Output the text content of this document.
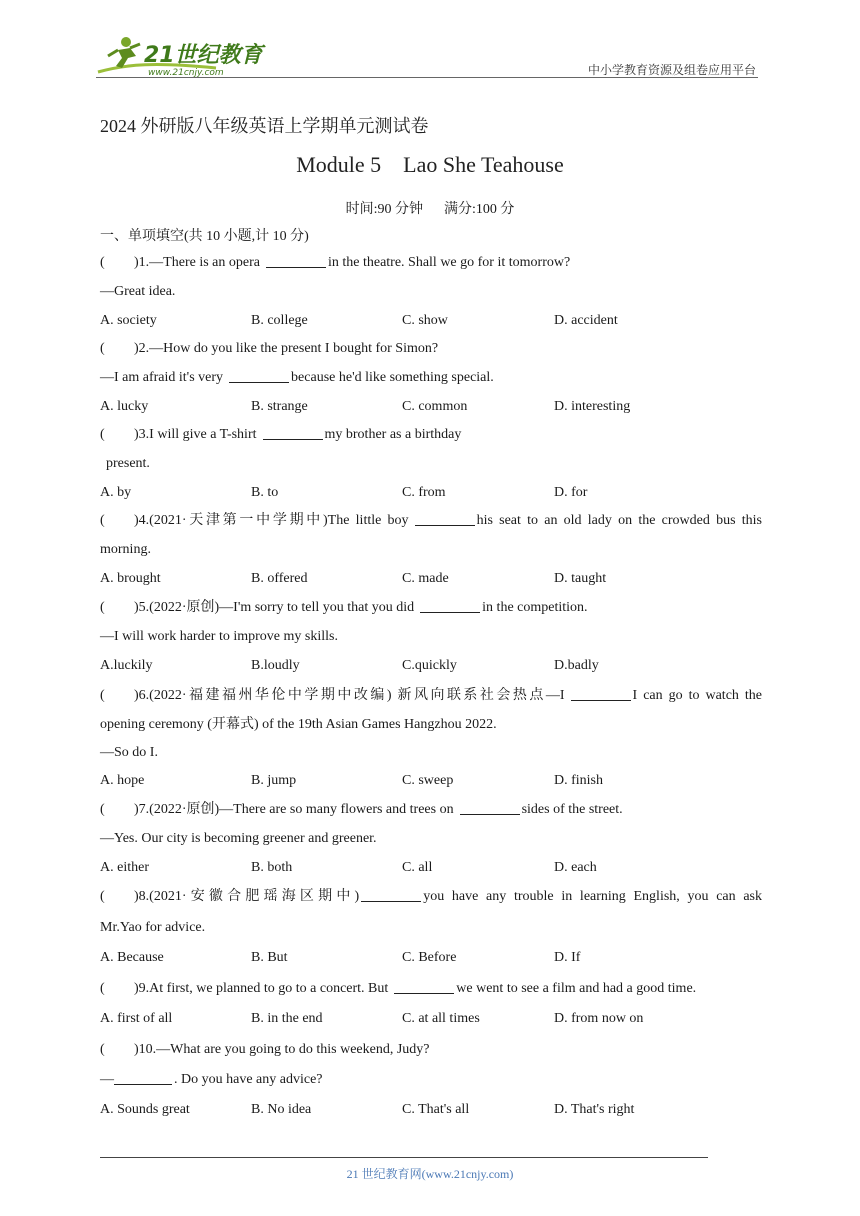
21世纪教育
www.21cnjy.com	中小学教育资源及组卷应用平台
2024 外研版八年级英语上学期单元测试卷
Module 5    Lao She Teahouse
时间:90 分钟      满分:100 分
一、单项填空(共 10 小题,计 10 分)
( )1.—There is an opera	in the theatre. Shall we go for it tomorrow?
—Great idea.
A. society	B. college	C. show	D. accident
( )2.—How do you like the present I bought for Simon?
—I am afraid it's very	because he'd like something special.
A. lucky	B. strange	C. common	D. interesting
( )3.I will give a T-shirt	my brother as a birthday
present.
A. by	B. to	C. from	D. for
( )4.(2021·天津第一中学期中)The little boy	his seat to an old lady on the crowded bus this
morning.
A. brought	B. offered	C. made	D. taught
( )5.(2022·原创)—I'm sorry to tell you that you did	in the competition.
—I will work harder to improve my skills.
A.luckily	B.loudly	C.quickly	D.badly
( )6.(2022·福建福州华伦中学期中改编) 新风向联系社会热点—I	I can go to watch the
opening ceremony (开幕式) of the 19th Asian Games Hangzhou 2022.
—So do I.
A. hope	B. jump	C. sweep	D. finish
( )7.(2022·原创)—There are so many flowers and trees on	sides of the street.
—Yes. Our city is becoming greener and greener.
A. either	B. both	C. all	D. each
( )8.(2021·安徽合肥瑶海区期中)	you have any trouble in learning English, you can ask
Mr.Yao for advice.
A. Because	B. But	C. Before	D. If
( )9.At first, we planned to go to a concert. But	we went to see a film and had a good time.
A. first of all	B. in the end	C. at all times	D. from now on
( )10.—What are you going to do this weekend, Judy?
—	. Do you have any advice?
A. Sounds great	B. No idea	C. That's all	D. That's right
21 世纪教育网(www.21cnjy.com)
